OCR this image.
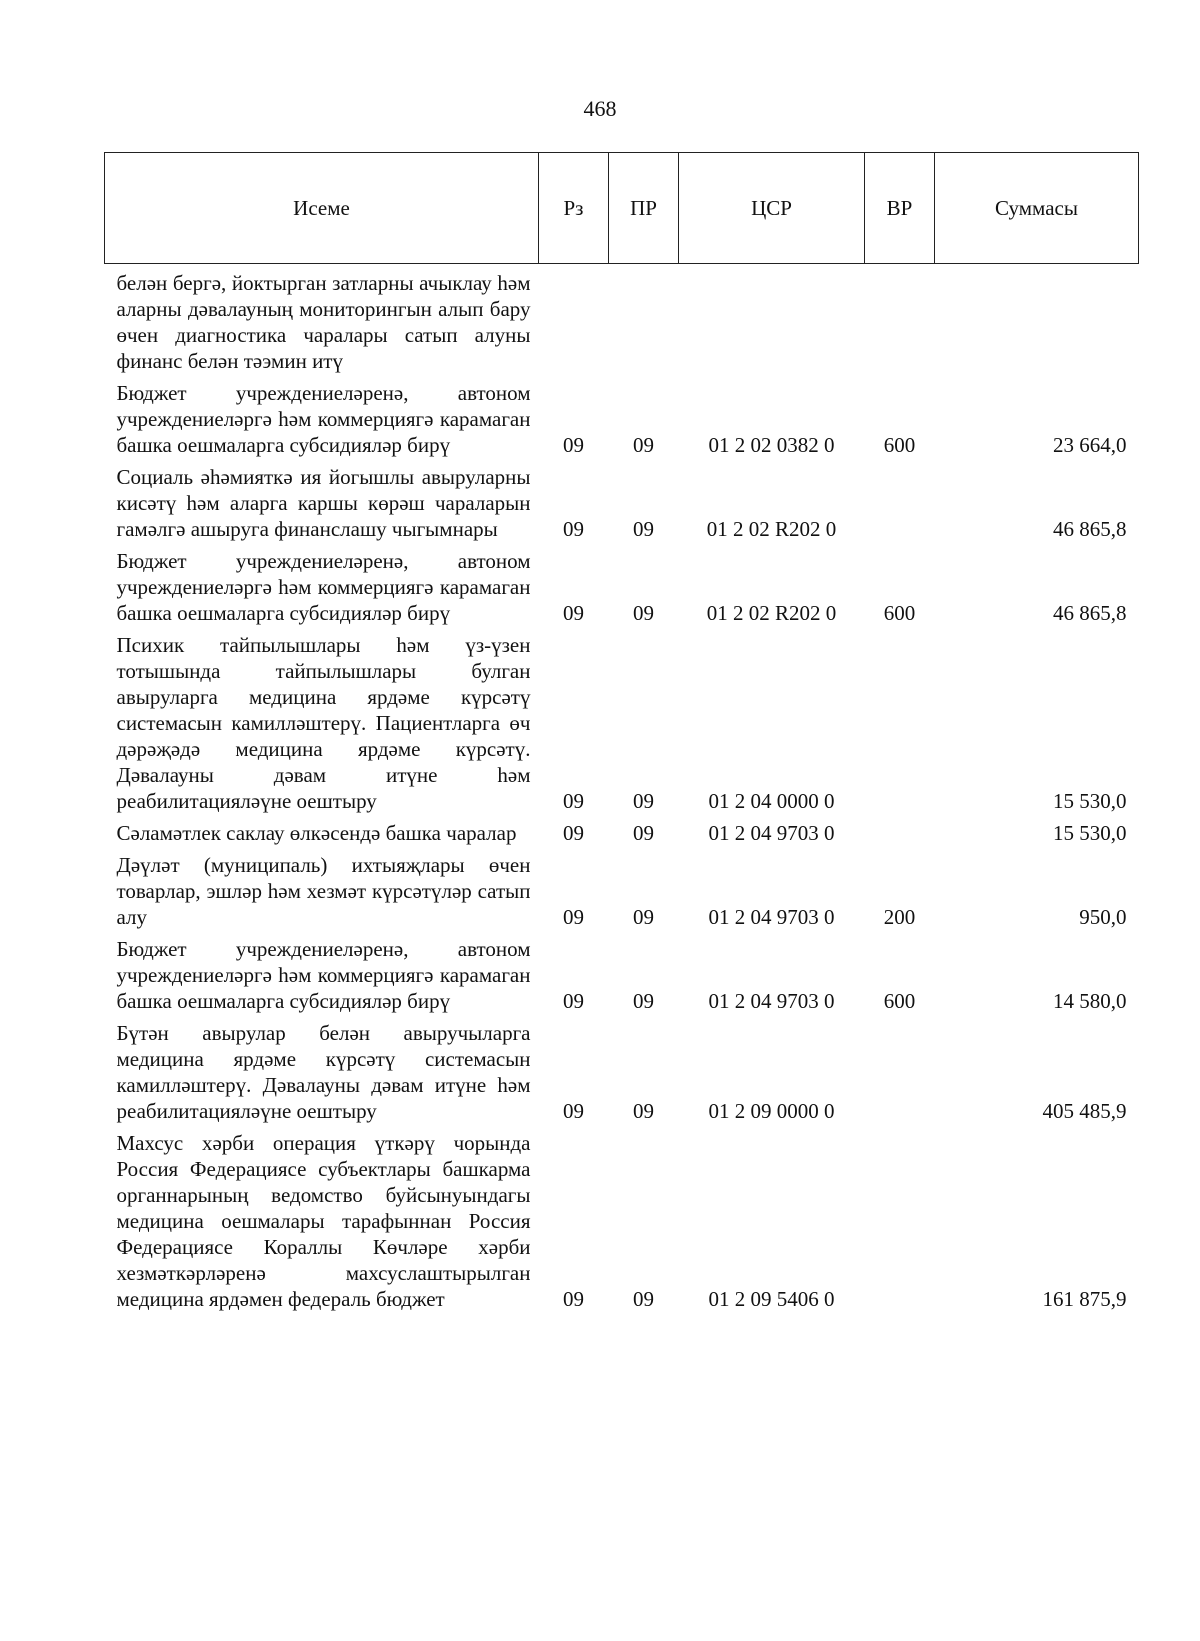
468
Исеме	Рз	ПР	ЦСР	ВР	Суммасы
белән бергә, йоктырган затларны ачыклау һәм аларны дәвалауның мониторингын алып бару өчен диагностика чаралары сатып алуны финанс белән тәэмин итү					
Бюджет учреждениеләренә, автоном учреждениеләргә һәм коммерциягә карамаган башка оешмаларга субсидияләр бирү	09	09	01 2 02 0382 0	600	23 664,0
Социаль әһәмияткә ия йогышлы авыруларны кисәтү һәм аларга каршы көрәш чараларын гамәлгә ашыруга финанслашу чыгымнары	09	09	01 2 02 R202 0		46 865,8
Бюджет учреждениеләренә, автоном учреждениеләргә һәм коммерциягә карамаган башка оешмаларга субсидияләр бирү	09	09	01 2 02 R202 0	600	46 865,8
Психик тайпылышлары һәм үз-үзен тотышында тайпылышлары булган авыруларга медицина ярдәме күрсәтү системасын камилләштерү. Пациентларга өч дәрәҗәдә медицина ярдәме күрсәтү. Дәвалауны дәвам итүне һәм реабилитацияләүне оештыру	09	09	01 2 04 0000 0		15 530,0
Сәламәтлек саклау өлкәсендә башка чаралар	09	09	01 2 04 9703 0		15 530,0
Дәүләт (муниципаль) ихтыяҗлары өчен товарлар, эшләр һәм хезмәт күрсәтүләр сатып алу	09	09	01 2 04 9703 0	200	950,0
Бюджет учреждениеләренә, автоном учреждениеләргә һәм коммерциягә карамаган башка оешмаларга субсидияләр бирү	09	09	01 2 04 9703 0	600	14 580,0
Бүтән авырулар белән авыручыларга медицина ярдәме күрсәтү системасын камилләштерү. Дәвалауны дәвам итүне һәм реабилитацияләүне оештыру	09	09	01 2 09 0000 0		405 485,9
Махсус хәрби операция үткәрү чорында Россия Федерациясе субъектлары башкарма органнарының ведомство буйсынуындагы медицина оешмалары тарафыннан Россия Федерациясе Кораллы Көчләре хәрби хезмәткәрләренә махсуслаштырылган медицина ярдәмен федераль бюджет	09	09	01 2 09 5406 0		161 875,9
